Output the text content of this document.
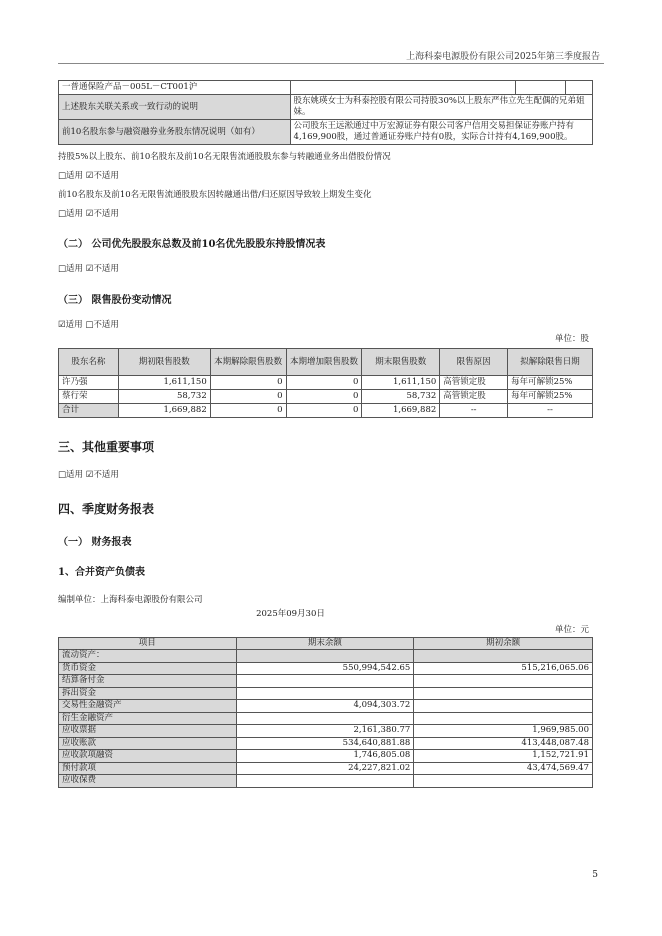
上海科泰电源股份有限公司2025年第三季度报告
一普通保险产品－005L－CT001沪			
上述股东关联关系或一致行动的说明	股东姚瑛女士为科泰控股有限公司持股30%以上股东严伟立先生配偶的兄弟姐妹。		
前10名股东参与融资融券业务股东情况说明（如有）	公司股东王远淞通过中万宏源证券有限公司客户信用交易担保证券账户持有4,169,900股，通过普通证券账户持有0股，实际合计持有4,169,900股。		
持股5%以上股东、前10名股东及前10名无限售流通股股东参与转融通业务出借股份情况
□适用 ☑不适用
前10名股东及前10名无限售流通股股东因转融通出借/归还原因导致较上期发生变化
□适用 ☑不适用
（二） 公司优先股股东总数及前10名优先股股东持股情况表
□适用 ☑不适用
（三） 限售股份变动情况
☑适用 □不适用
单位：股
股东名称	期初限售股数	本期解除限售股数	本期增加限售股数	期末限售股数	限售原因	拟解除限售日期
许乃强	1,611,150	0	0	1,611,150	高管锁定股	每年可解锁25%
蔡行荣	58,732	0	0	58,732	高管锁定股	每年可解锁25%
合计	1,669,882	0	0	1,669,882	--	--
三、其他重要事项
□适用 ☑不适用
四、季度财务报表
（一） 财务报表
1、合并资产负债表
编制单位：上海科泰电源股份有限公司
2025年09月30日
单位：元
项目	期末余额	期初余额
流动资产：		
货币资金	550,994,542.65	515,216,065.06
结算备付金		
拆出资金		
交易性金融资产	4,094,303.72	
衍生金融资产		
应收票据	2,161,380.77	1,969,985.00
应收账款	534,640,881.88	413,448,087.48
应收款项融资	1,746,805.08	1,152,721.91
预付款项	24,227,821.02	43,474,569.47
应收保费		
5
